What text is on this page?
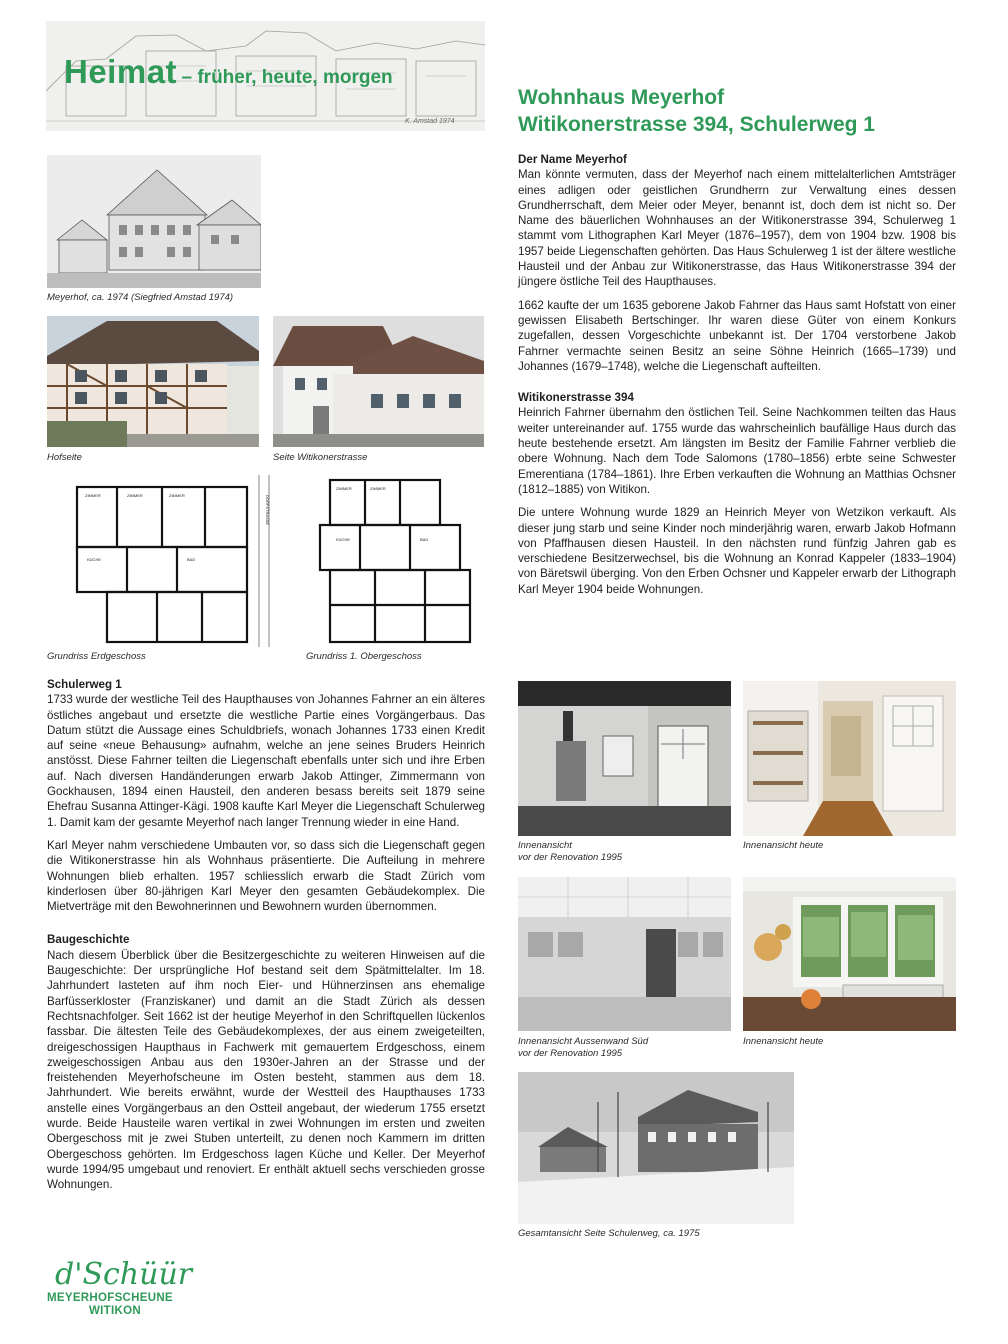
Heimat – früher, heute, morgen
K. Amstad 1974
Wohnhaus Meyerhof
Witikonerstrasse 394, Schulerweg 1
Meyerhof, ca. 1974 (Siegfried Amstad 1974)
Hofseite	Seite Witikonerstrasse
ZIMMER	ZIMMER	ZIMMER
KÜCHE	BAD
DORFSTRASSE
Grundriss Erdgeschoss
ZIMMER	ZIMMER
KÜCHE	BAD
Grundriss 1. Obergeschoss

Schulerweg 1

1733 wurde der westliche Teil des Haupthauses von Johannes Fahrner an ein älteres östliches angebaut und ersetzte die westliche Partie eines Vorgängerbaus. Das Datum stützt die Aussage eines Schuldbriefs, wonach Johannes 1733 einen Kredit auf seine «neue Behausung» aufnahm, welche an jene seines Bruders Heinrich anstösst. Diese Fahrner teilten die Liegenschaft ebenfalls unter sich und ihre Erben auf. Nach diversen Handänderungen erwarb Jakob Attinger, Zimmermann von Gockhausen, 1894 einen Hausteil, den anderen besass bereits seit 1879 seine Ehefrau Susanna Attinger-Kägi. 1908 kaufte Karl Meyer die Liegenschaft Schulerweg 1. Damit kam der gesamte Meyerhof nach langer Trennung wieder in eine Hand.

Karl Meyer nahm verschiedene Umbauten vor, so dass sich die Liegenschaft gegen die Witikonerstrasse hin als Wohnhaus präsentierte. Die Aufteilung in mehrere Wohnungen blieb erhalten. 1957 schliesslich erwarb die Stadt Zürich vom kinderlosen über 80-jährigen Karl Meyer den gesamten Gebäudekomplex. Die Mietverträge mit den Bewohnerinnen und Bewohnern wurden übernommen.

Baugeschichte

Nach diesem Überblick über die Besitzergeschichte zu weiteren Hinweisen auf die Baugeschichte: Der ursprüngliche Hof bestand seit dem Spätmittelalter. Im 18. Jahrhundert lasteten auf ihm noch Eier- und Hühnerzinsen ans ehemalige Barfüsserkloster (Franziskaner) und damit an die Stadt Zürich als dessen Rechtsnachfolger. Seit 1662 ist der heutige Meyerhof in den Schriftquellen lückenlos fassbar. Die ältesten Teile des Gebäudekomplexes, der aus einem zweigeteilten, dreigeschossigen Haupthaus in Fachwerk mit gemauertem Erdgeschoss, einem zweigeschossigen Anbau aus den 1930er-Jahren an der Strasse und der freistehenden Meyerhofscheune im Osten besteht, stammen aus dem 18. Jahrhundert. Wie bereits erwähnt, wurde der Westteil des Haupthauses 1733 anstelle eines Vorgängerbaus an den Ostteil angebaut, der wiederum 1755 ersetzt wurde. Beide Hausteile waren vertikal in zwei Wohnungen im ersten und zweiten Obergeschoss mit je zwei Stuben unterteilt, zu denen noch Kammern im dritten Obergeschoss gehörten. Im Erdgeschoss lagen Küche und Keller. Der Meyerhof wurde 1994/95 umgebaut und renoviert. Er enthält aktuell sechs verschieden grosse Wohnungen.

Der Name Meyerhof

Man könnte vermuten, dass der Meyerhof nach einem mittelalterlichen Amtsträger eines adligen oder geistlichen Grundherrn zur Verwaltung eines dessen Grundherrschaft, dem Meier oder Meyer, benannt ist, doch dem ist nicht so. Der Name des bäuerlichen Wohnhauses an der Witikonerstrasse 394, Schulerweg 1 stammt vom Lithographen Karl Meyer (1876–1957), dem von 1904 bzw. 1908 bis 1957 beide Liegenschaften gehörten. Das Haus Schulerweg 1 ist der ältere westliche Hausteil und der Anbau zur Witikonerstrasse, das Haus Witikonerstrasse 394 der jüngere östliche Teil des Haupthauses.

1662 kaufte der um 1635 geborene Jakob Fahrner das Haus samt Hofstatt von einer gewissen Elisabeth Bertschinger. Ihr waren diese Güter von einem Konkurs zugefallen, dessen Vorgeschichte unbekannt ist. Der 1704 verstorbene Jakob Fahrner vermachte seinen Besitz an seine Söhne Heinrich (1665–1739) und Johannes (1679–1748), welche die Liegenschaft aufteilten.

Witikonerstrasse 394

Heinrich Fahrner übernahm den östlichen Teil. Seine Nachkommen teilten das Haus weiter untereinander auf. 1755 wurde das wahrscheinlich baufällige Haus durch das heute bestehende ersetzt. Am längsten im Besitz der Familie Fahrner verblieb die obere Wohnung. Nach dem Tode Salomons (1780–1856) erbte seine Schwester Emerentiana (1784–1861). Ihre Erben verkauften die Wohnung an Matthias Ochsner (1812–1885) von Witikon.

Die untere Wohnung wurde 1829 an Heinrich Meyer von Wetzikon verkauft. Als dieser jung starb und seine Kinder noch minderjährig waren, erwarb Jakob Hofmann von Pfaffhausen diesen Hausteil. In den nächsten rund fünfzig Jahren gab es verschiedene Besitzerwechsel, bis die Wohnung an Konrad Kappeler (1833–1904) von Bäretswil überging. Von den Erben Ochsner und Kappeler erwarb der Lithograph Karl Meyer 1904 beide Wohnungen.

Innenansicht
vor der Renovation 1995
Innenansicht heute
Innenansicht Aussenwand Süd
vor der Renovation 1995
Innenansicht heute
Gesamtansicht Seite Schulerweg, ca. 1975
d'Schüür
MEYERHOFSCHEUNE
WITIKON
